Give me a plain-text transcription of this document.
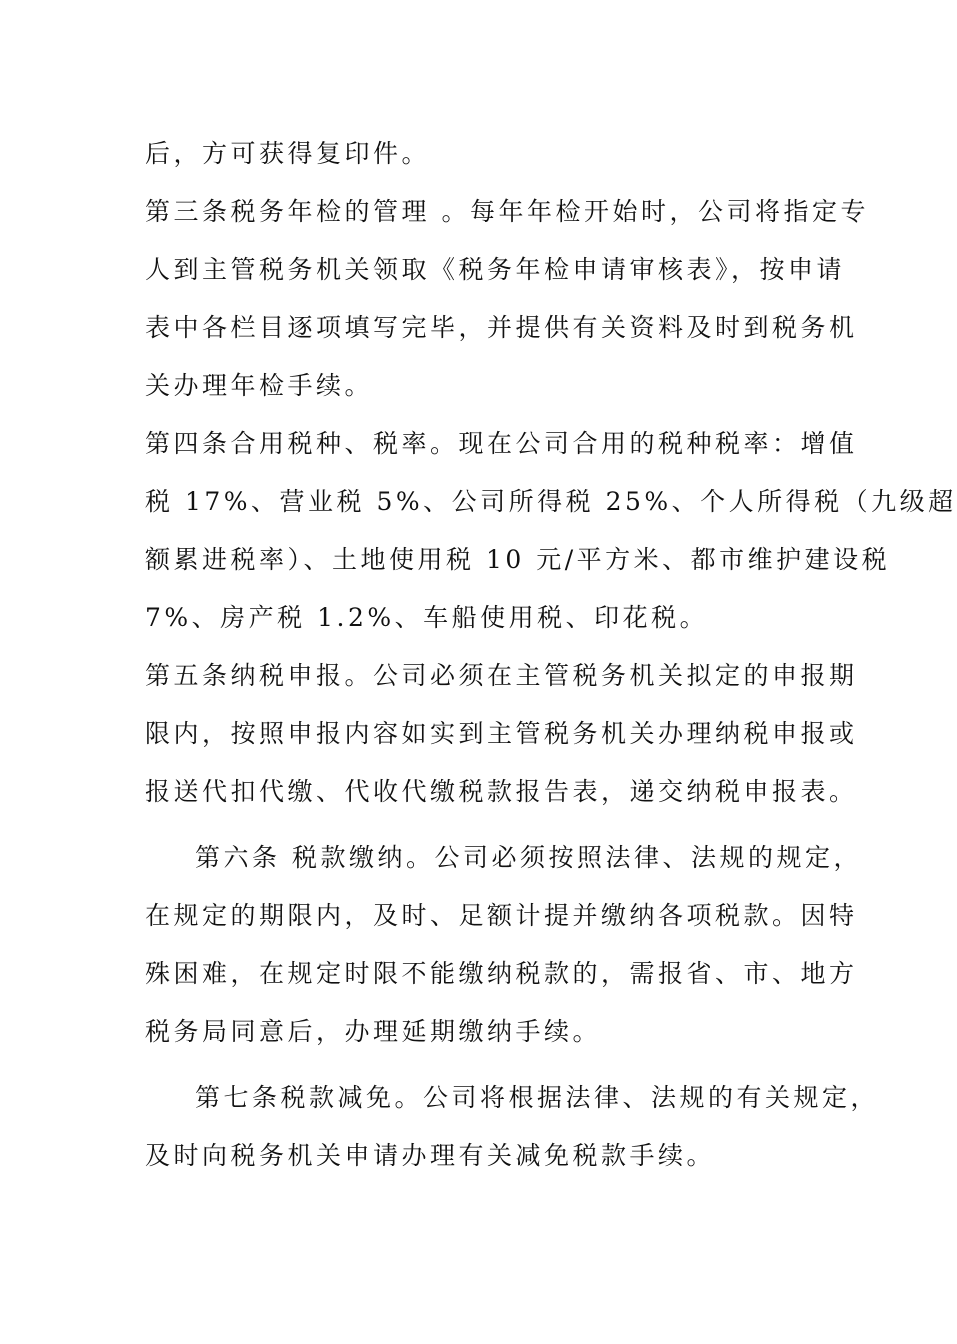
后，方可获得复印件。
第三条税务年检的管理 。每年年检开始时，公司将指定专
人到主管税务机关领取《税务年检申请审核表》，按申请
表中各栏目逐项填写完毕，并提供有关资料及时到税务机
关办理年检手续。
第四条合用税种、税率。现在公司合用的税种税率：增值
税 17%、营业税 5%、公司所得税 25%、个人所得税（九级超
额累进税率）、土地使用税 10 元/平方米、都市维护建设税
7%、房产税 1.2%、车船使用税、印花税。
第五条纳税申报。公司必须在主管税务机关拟定的申报期
限内，按照申报内容如实到主管税务机关办理纳税申报或
报送代扣代缴、代收代缴税款报告表，递交纳税申报表。
第六条 税款缴纳。公司必须按照法律、法规的规定，
在规定的期限内，及时、足额计提并缴纳各项税款。因特
殊困难，在规定时限不能缴纳税款的，需报省、市、地方
税务局同意后，办理延期缴纳手续。
第七条税款减免。公司将根据法律、法规的有关规定，
及时向税务机关申请办理有关减免税款手续。
